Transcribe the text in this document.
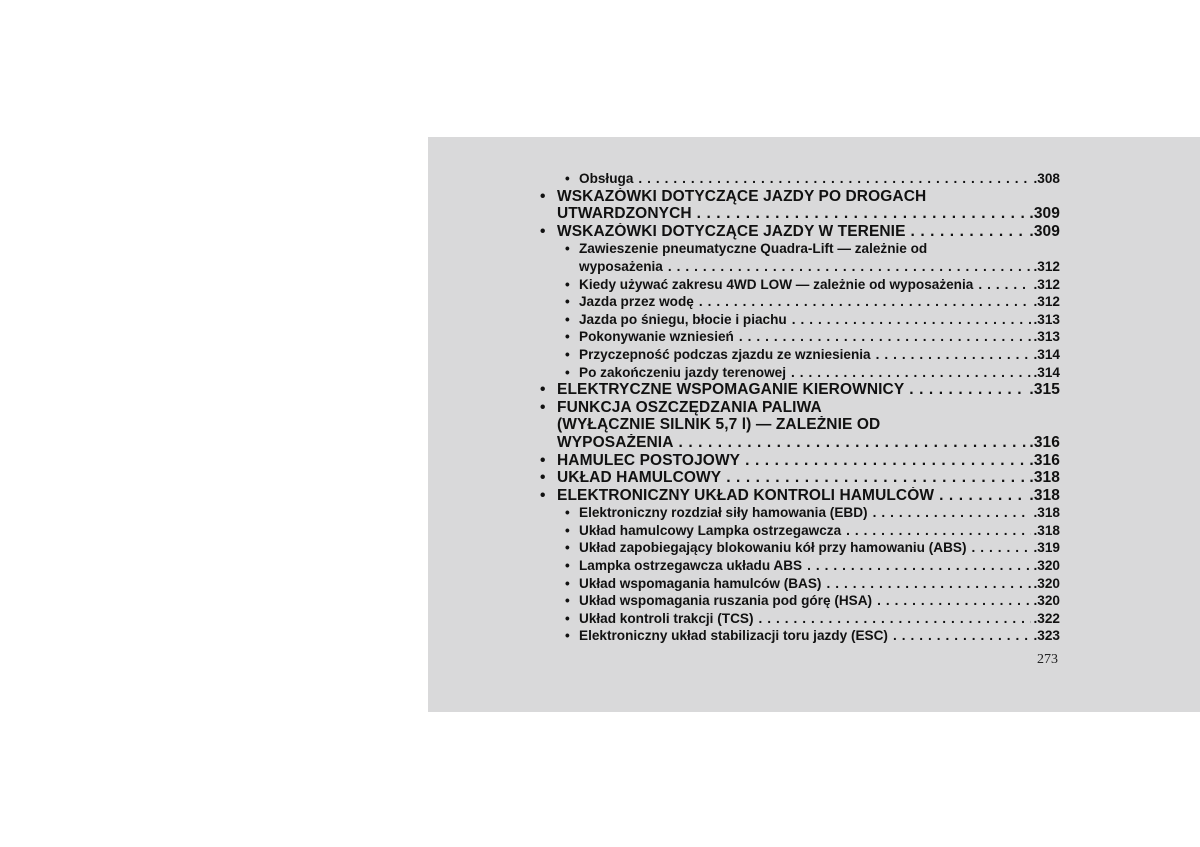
• Obsługa . . .	.308
• WSKAZÓWKI DOTYCZĄCE JAZDY PO DROGACH
UTWARDZONYCH . . .	.309
• WSKAZÓWKI DOTYCZĄCE JAZDY W TERENIE . . .	.309
• Zawieszenie pneumatyczne Quadra-Lift — zależnie od
wyposażenia . . .	.312
• Kiedy używać zakresu 4WD LOW — zależnie od wyposażenia . . .	.312
• Jazda przez wodę . . .	.312
• Jazda po śniegu, błocie i piachu . . .	.313
• Pokonywanie wzniesień . . .	.313
• Przyczepność podczas zjazdu ze wzniesienia . . .	.314
• Po zakończeniu jazdy terenowej . . .	.314
• ELEKTRYCZNE WSPOMAGANIE KIEROWNICY . . .	.315
• FUNKCJA OSZCZĘDZANIA PALIWA
(WYŁĄCZNIE SILNIK 5,7 l) — ZALEŻNIE OD
WYPOSAŻENIA . . .	.316
• HAMULEC POSTOJOWY . . .	.316
• UKŁAD HAMULCOWY . . .	.318
• ELEKTRONICZNY UKŁAD KONTROLI HAMULCÓW . . .	.318
• Elektroniczny rozdział siły hamowania (EBD) . . .	.318
• Układ hamulcowy Lampka ostrzegawcza . . .	.318
• Układ zapobiegający blokowaniu kół przy hamowaniu (ABS) . . .	.319
• Lampka ostrzegawcza układu ABS . . .	.320
• Układ wspomagania hamulców (BAS) . . .	.320
• Układ wspomagania ruszania pod górę (HSA) . . .	.320
• Układ kontroli trakcji (TCS) . . .	.322
• Elektroniczny układ stabilizacji toru jazdy (ESC) . . .	.323
273
